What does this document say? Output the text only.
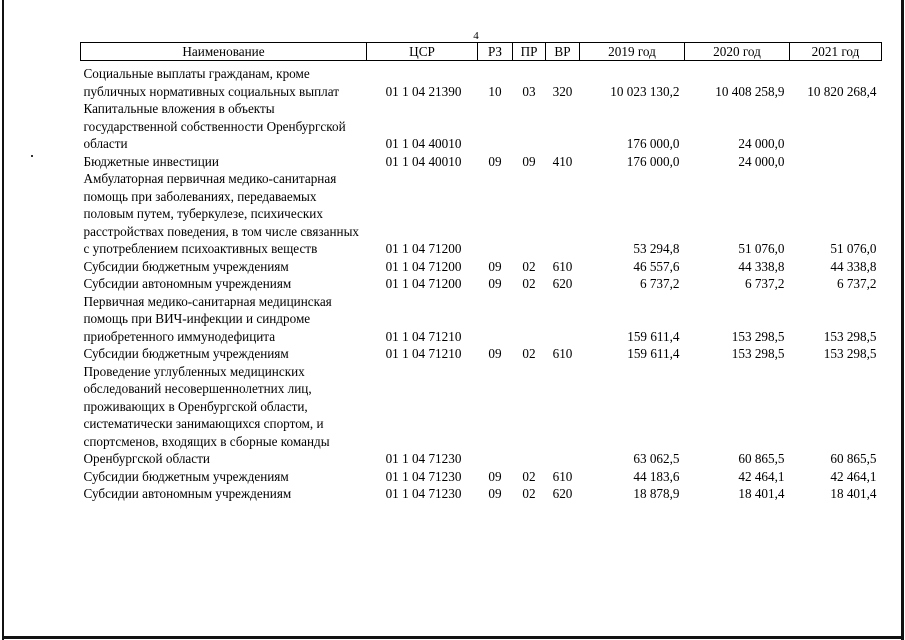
4
Наименование	ЦСР	РЗ	ПР	ВР	2019 год	2020 год	2021 год
Социальные выплаты гражданам, кроме публичных нормативных социальных выплат	01 1 04 21390	10	03	320	10 023 130,2	10 408 258,9	10 820 268,4
Капитальные вложения в объекты государственной собственности Оренбургской области	01 1 04 40010				176 000,0	24 000,0	
Бюджетные инвестиции	01 1 04 40010	09	09	410	176 000,0	24 000,0	
Амбулаторная первичная медико-санитарная помощь при заболеваниях, передаваемых половым путем, туберкулезе, психических расстройствах поведения, в том числе связанных с употреблением психоактивных веществ	01 1 04 71200				53 294,8	51 076,0	51 076,0
Субсидии бюджетным учреждениям	01 1 04 71200	09	02	610	46 557,6	44 338,8	44 338,8
Субсидии автономным учреждениям	01 1 04 71200	09	02	620	6 737,2	6 737,2	6 737,2
Первичная медико-санитарная медицинская помощь при ВИЧ-инфекции и синдроме приобретенного иммунодефицита	01 1 04 71210				159 611,4	153 298,5	153 298,5
Субсидии бюджетным учреждениям	01 1 04 71210	09	02	610	159 611,4	153 298,5	153 298,5
Проведение углубленных медицинских обследований несовершеннолетних лиц, проживающих в Оренбургской области, систематически занимающихся спортом, и спортсменов, входящих в сборные команды Оренбургской области	01 1 04 71230				63 062,5	60 865,5	60 865,5
Субсидии бюджетным учреждениям	01 1 04 71230	09	02	610	44 183,6	42 464,1	42 464,1
Субсидии автономным учреждениям	01 1 04 71230	09	02	620	18 878,9	18 401,4	18 401,4
